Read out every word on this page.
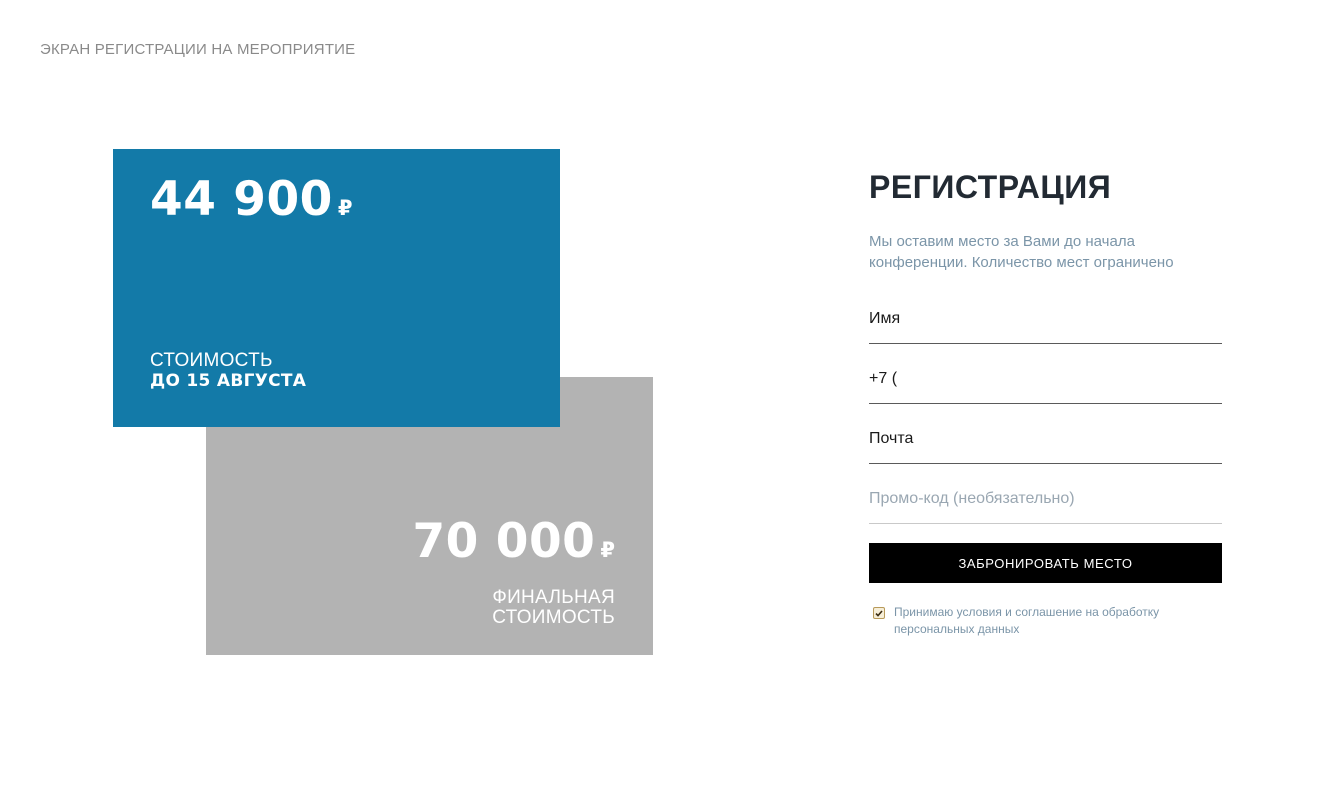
ЭКРАН РЕГИСТРАЦИИ НА МЕРОПРИЯТИЕ
70 000 ₽
ФИНАЛЬНАЯ
СТОИМОСТЬ
44 900 ₽
СТОИМОСТЬ
ДО 15 АВГУСТА
РЕГИСТРАЦИЯ
Мы оставим место за Вами до начала конференции. Количество мест ограничено
Имя
+7 (
Почта
Промо-код (необязательно)
ЗАБРОНИРОВАТЬ МЕСТО
Принимаю условия и соглашение на обработку персональных данных
